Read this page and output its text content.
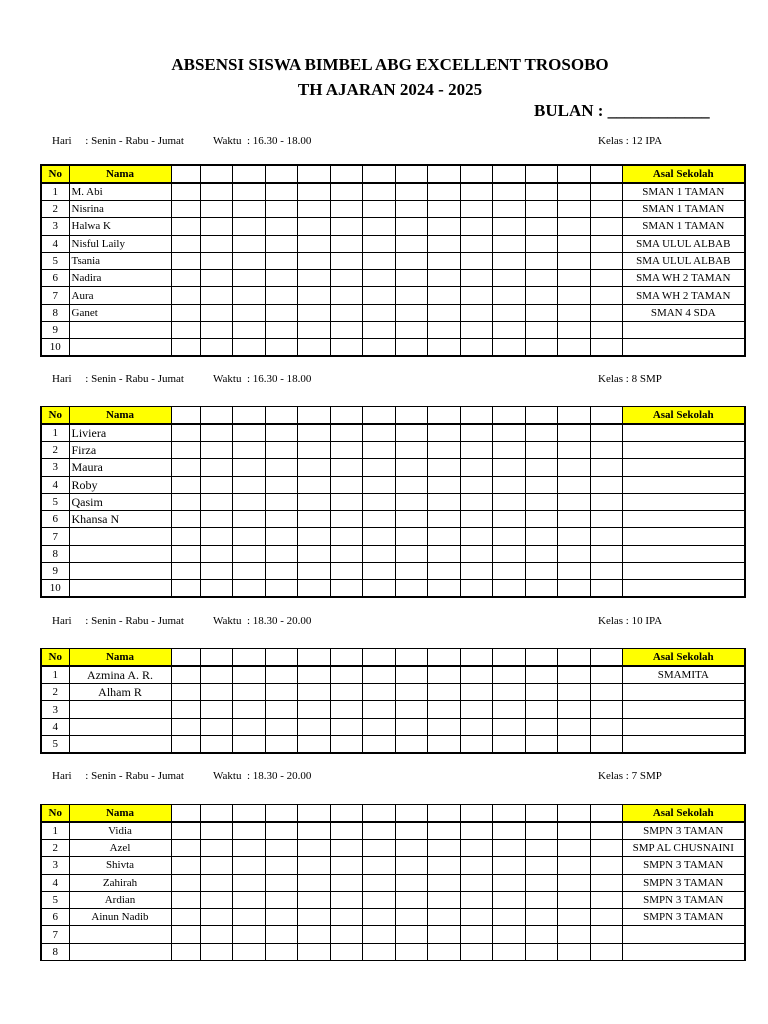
ABSENSI SISWA BIMBEL ABG EXCELLENT TROSOBO
TH AJARAN 2024 - 2025
BULAN : ____________
Hari     : Senin - Rabu - Jumat	Waktu  : 16.30 - 18.00	Kelas : 12 IPA
No	Nama															Asal Sekolah
1	M. Abi															SMAN 1 TAMAN
2	Nisrina															SMAN 1 TAMAN
3	Halwa K															SMAN 1 TAMAN
4	Nisful Laily															SMA ULUL ALBAB
5	Tsania															SMA ULUL ALBAB
6	Nadira															SMA WH 2 TAMAN
7	Aura															SMA WH 2 TAMAN
8	Ganet															SMAN 4 SDA
9																
10																
Hari     : Senin - Rabu - Jumat	Waktu  : 16.30 - 18.00	Kelas : 8 SMP
No	Nama															Asal Sekolah
1	Liviera															
2	Firza															
3	Maura															
4	Roby															
5	Qasim															
6	Khansa N															
7																
8																
9																
10																
Hari     : Senin - Rabu - Jumat	Waktu  : 18.30 - 20.00	Kelas : 10 IPA
No	Nama															Asal Sekolah
1	Azmina A. R.															SMAMITA
2	Alham R															
3																
4																
5																
Hari     : Senin - Rabu - Jumat	Waktu  : 18.30 - 20.00	Kelas : 7 SMP
No	Nama															Asal Sekolah
1	Vidia															SMPN 3 TAMAN
2	Azel															SMP AL CHUSNAINI
3	Shivta															SMPN 3 TAMAN
4	Zahirah															SMPN 3 TAMAN
5	Ardian															SMPN 3 TAMAN
6	Ainun Nadib															SMPN 3 TAMAN
7																
8																
